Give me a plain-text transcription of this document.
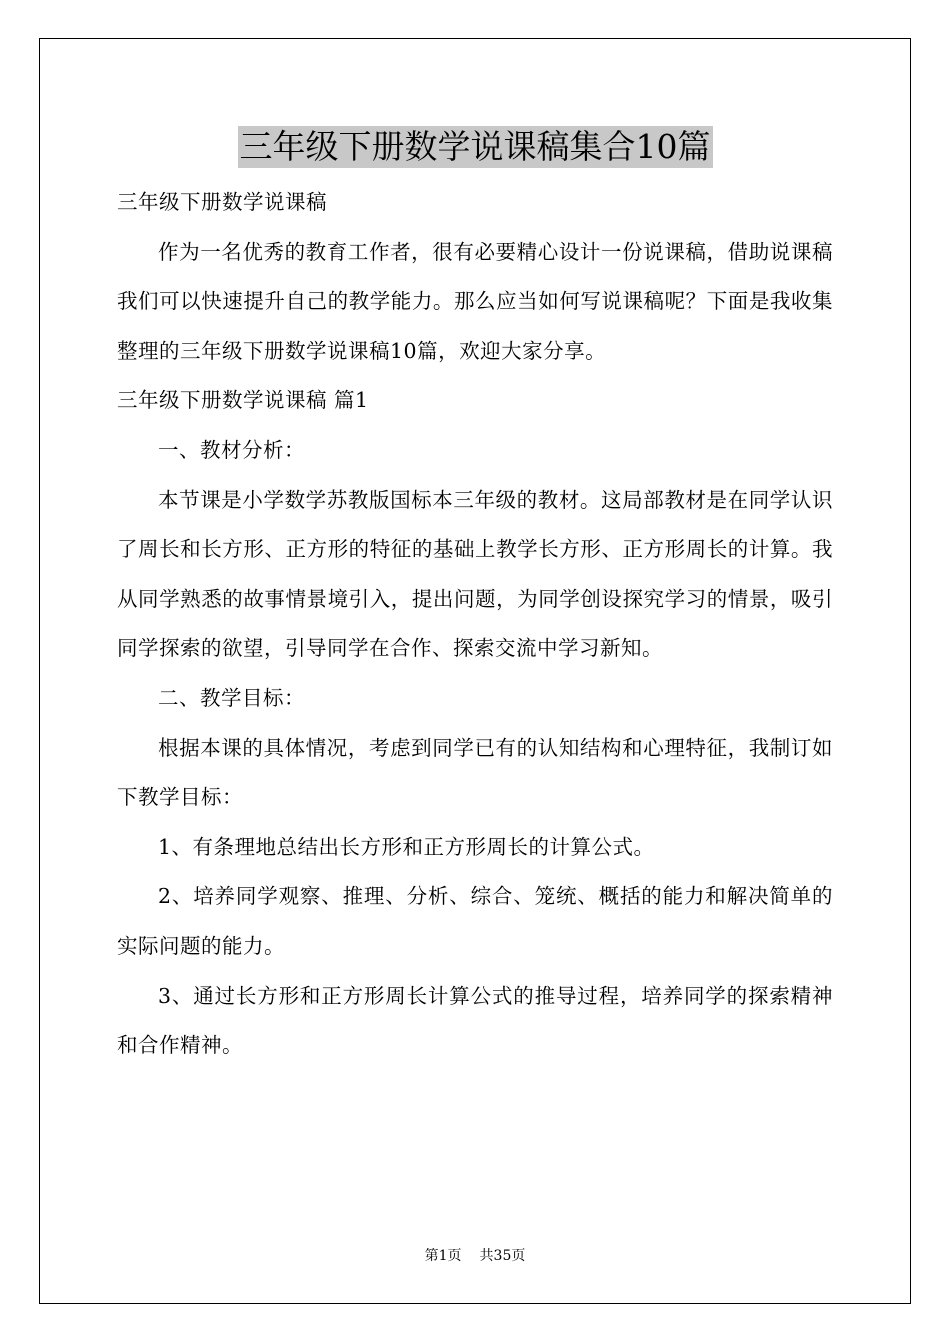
三年级下册数学说课稿集合10篇

三年级下册数学说课稿

作为一名优秀的教育工作者，很有必要精心设计一份说课稿，借助说课稿我们可以快速提升自己的教学能力。那么应当如何写说课稿呢？下面是我收集整理的三年级下册数学说课稿10篇，欢迎大家分享。

三年级下册数学说课稿 篇1

一、教材分析：

本节课是小学数学苏教版国标本三年级的教材。这局部教材是在同学认识了周长和长方形、正方形的特征的基础上教学长方形、正方形周长的计算。我从同学熟悉的故事情景境引入，提出问题，为同学创设探究学习的情景，吸引同学探索的欲望，引导同学在合作、探索交流中学习新知。

二、教学目标：

根据本课的具体情况，考虑到同学已有的认知结构和心理特征，我制订如下教学目标：

1、有条理地总结出长方形和正方形周长的计算公式。

2、培养同学观察、推理、分析、综合、笼统、概括的能力和解决简单的实际问题的能力。

3、通过长方形和正方形周长计算公式的推导过程，培养同学的探索精神和合作精神。

第1页 共35页
